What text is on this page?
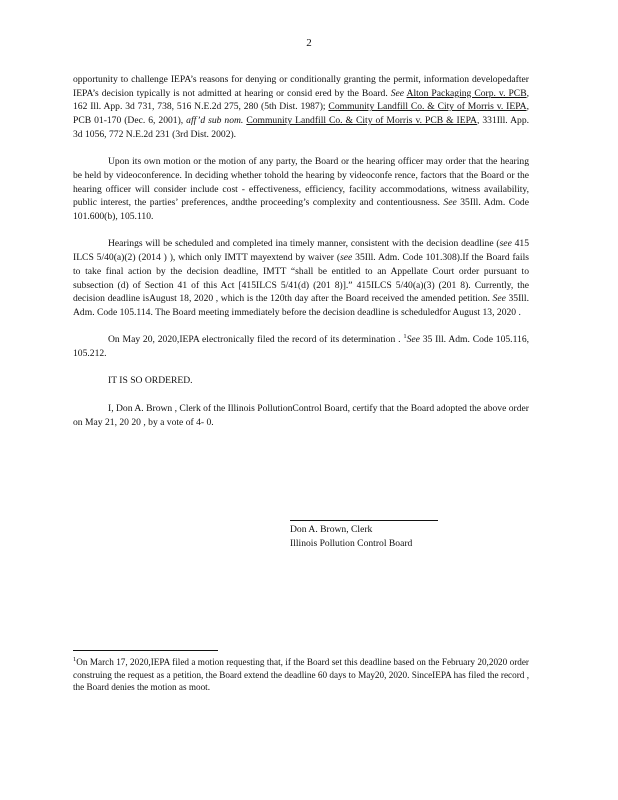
2

opportunity to challenge IEPA’s reasons for denying or conditionally granting the permit, information developedafter IEPA’s decision typically is not admitted at hearing or consid ered by the Board. See Alton Packaging Corp. v. PCB, 162 Ill. App. 3d 731, 738, 516 N.E.2d 275, 280 (5th Dist. 1987); Community Landfill Co. & City of Morris v. IEPA, PCB 01-170 (Dec. 6, 2001), aff’d sub nom. Community Landfill Co. & City of Morris v. PCB & IEPA, 331Ill. App. 3d 1056, 772 N.E.2d 231 (3rd Dist. 2002).

Upon its own motion or the motion of any party, the Board or the hearing officer may order that the hearing be held by videoconference. In deciding whether tohold the hearing by videoconfe rence, factors that the Board or the hearing officer will consider include cost - effectiveness, efficiency, facility accommodations, witness availability, public interest, the parties’ preferences, andthe proceeding’s complexity and contentiousness. See 35Ill. Adm. Code 101.600(b), 105.110.

Hearings will be scheduled and completed ina timely manner, consistent with the decision deadline (see 415 ILCS 5/40(a)(2) (2014 ) ), which only IMTT mayextend by waiver (see 35Ill. Adm. Code 101.308).If the Board fails to take final action by the decision deadline, IMTT “shall be entitled to an Appellate Court order pursuant to subsection (d) of Section 41 of this Act [415ILCS 5/41(d) (201 8)].” 415ILCS 5/40(a)(3) (201 8). Currently, the decision deadline isAugust 18, 2020 , which is the 120th day after the Board received the amended petition. See 35Ill. Adm. Code 105.114. The Board meeting immediately before the decision deadline is scheduledfor August 13, 2020 .

On May 20, 2020,IEPA electronically filed the record of its determination . $^1$See 35 Ill. Adm. Code 105.116, 105.212.

IT IS SO ORDERED.

I, Don A. Brown , Clerk of the Illinois PollutionControl Board, certify that the Board adopted the above order on May 21, 20 20 , by a vote of 4- 0.

Don A. Brown, Clerk
Illinois Pollution Control Board
$^1$On March 17, 2020,IEPA filed a motion requesting that, if the Board set this deadline based on the February 20,2020 order construing the request as a petition, the Board extend the deadline 60 days to May20, 2020. SinceIEPA has filed the record , the Board denies the motion as moot.
